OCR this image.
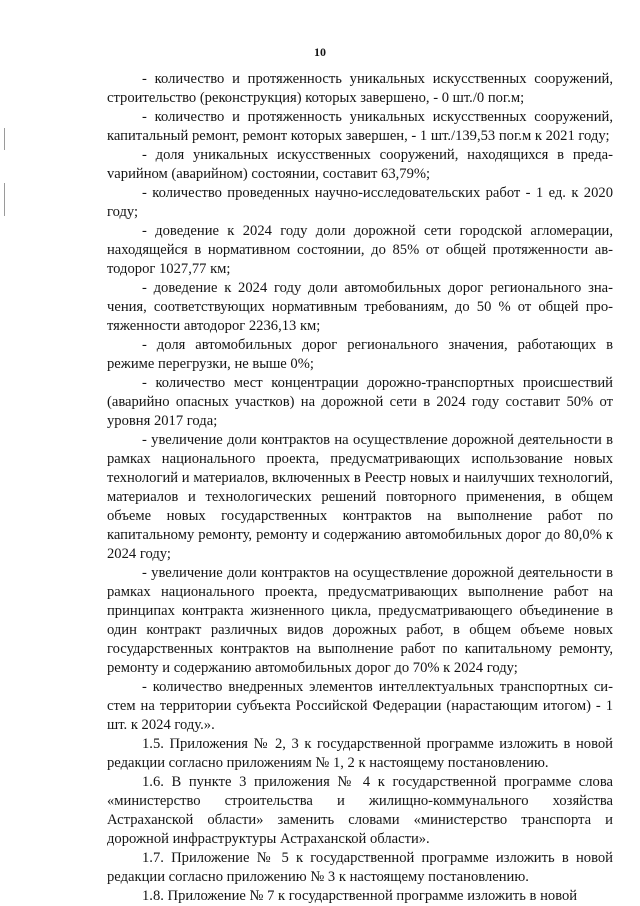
10

- количество и протяженность уникальных искусственных сооружений, строительство (реконструкция) которых завершено, - 0 шт./0 пог.м;

- количество и протяженность уникальных искусственных сооружений, капитальный ремонт, ремонт которых завершен, - 1 шт./139,53 пог.м к 2021 году;

- доля уникальных искусственных сооружений, находящихся в предаvарийном (аварийном) состоянии, составит 63,79%;

- количество проведенных научно-исследовательских работ - 1 ед. к 2020 году;

- доведение к 2024 году доли дорожной сети городской агломерации, находящейся в нормативном состоянии, до 85% от общей протяженности автодорог 1027,77 км;

- доведение к 2024 году доли автомобильных дорог регионального значения, соответствующих нормативным требованиям, до 50 % от общей протяженности автодорог 2236,13 км;

- доля автомобильных дорог регионального значения, работающих в режиме перегрузки, не выше 0%;

- количество мест концентрации дорожно-транспортных происшествий (аварийно опасных участков) на дорожной сети в 2024 году составит 50% от уровня 2017 года;

- увеличение доли контрактов на осуществление дорожной деятельности в рамках национального проекта, предусматривающих использование новых технологий и материалов, включенных в Реестр новых и наилучших технологий, материалов и технологических решений повторного применения, в общем объеме новых государственных контрактов на выполнение работ по капитальному ремонту, ремонту и содержанию автомобильных дорог до 80,0% к 2024 году;

- увеличение доли контрактов на осуществление дорожной деятельности в рамках национального проекта, предусматривающих выполнение работ на принципах контракта жизненного цикла, предусматривающего объединение в один контракт различных видов дорожных работ, в общем объеме новых государственных контрактов на выполнение работ по капитальному ремонту, ремонту и содержанию автомобильных дорог до 70% к 2024 году;

- количество внедренных элементов интеллектуальных транспортных систем на территории субъекта Российской Федерации (нарастающим итогом) - 1 шт. к 2024 году.».

1.5. Приложения № 2, 3 к государственной программе изложить в новой редакции согласно приложениям № 1, 2 к настоящему постановлению.

1.6. В пункте 3 приложения № 4 к государственной программе слова «министерство строительства и жилищно-коммунального хозяйства Астраханской области» заменить словами «министерство транспорта и дорожной инфраструктуры Астраханской области».

1.7. Приложение № 5 к государственной программе изложить в новой редакции согласно приложению № 3 к настоящему постановлению.

1.8. Приложение № 7 к государственной программе изложить в новой
